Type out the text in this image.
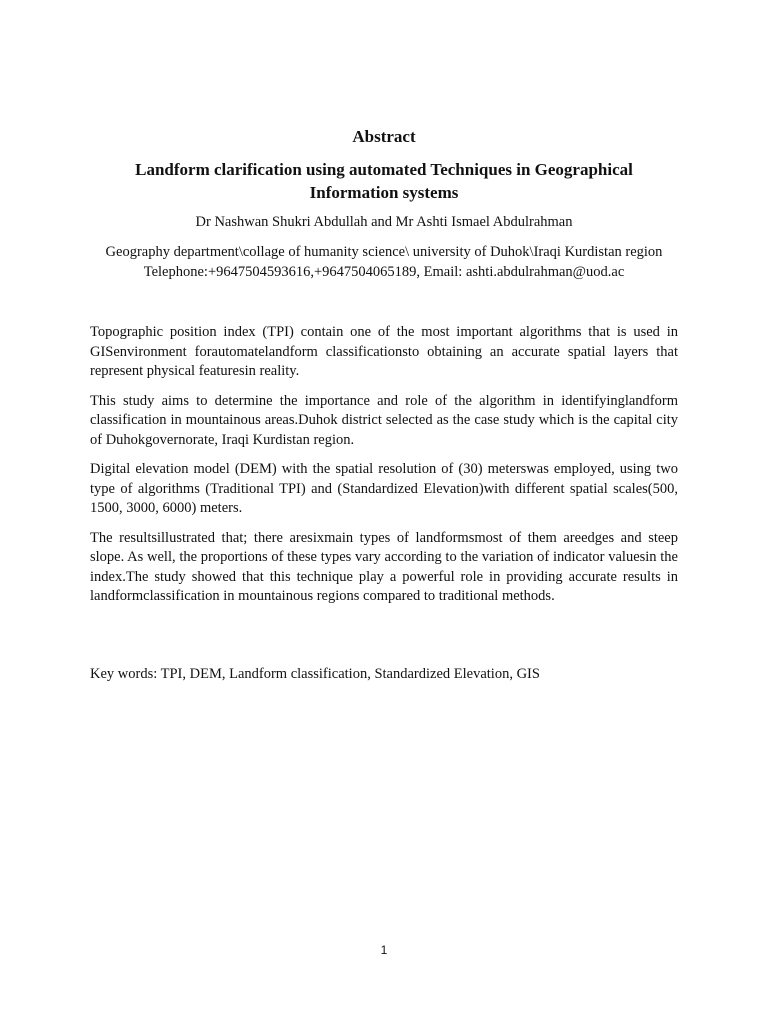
Abstract
Landform clarification using automated Techniques in Geographical Information systems
Dr Nashwan Shukri Abdullah and Mr Ashti Ismael Abdulrahman
Geography department\collage of humanity science\ university of Duhok\Iraqi Kurdistan region
Telephone:+9647504593616,+9647504065189, Email: ashti.abdulrahman@uod.ac

Topographic position index (TPI) contain one of the most important algorithms that is used in GISenvironment forautomatelandform classificationsto obtaining an accurate spatial layers that represent physical featuresin reality.

This study aims to determine the importance and role of the algorithm in identifyinglandform classification in mountainous areas.Duhok district selected as the case study which is the capital city of Duhokgovernorate, Iraqi Kurdistan region.

Digital elevation model (DEM) with the spatial resolution of (30) meterswas employed, using two type of algorithms (Traditional TPI) and (Standardized Elevation)with different spatial scales(500, 1500, 3000, 6000) meters.

The resultsillustrated that; there aresixmain types of landformsmost of them areedges and steep slope. As well, the proportions of these types vary according to the variation of indicator valuesin the index.The study showed that this technique play a powerful role in providing accurate results in landformclassification in mountainous regions compared to traditional methods.

Key words: TPI, DEM, Landform classification, Standardized Elevation, GIS
1
